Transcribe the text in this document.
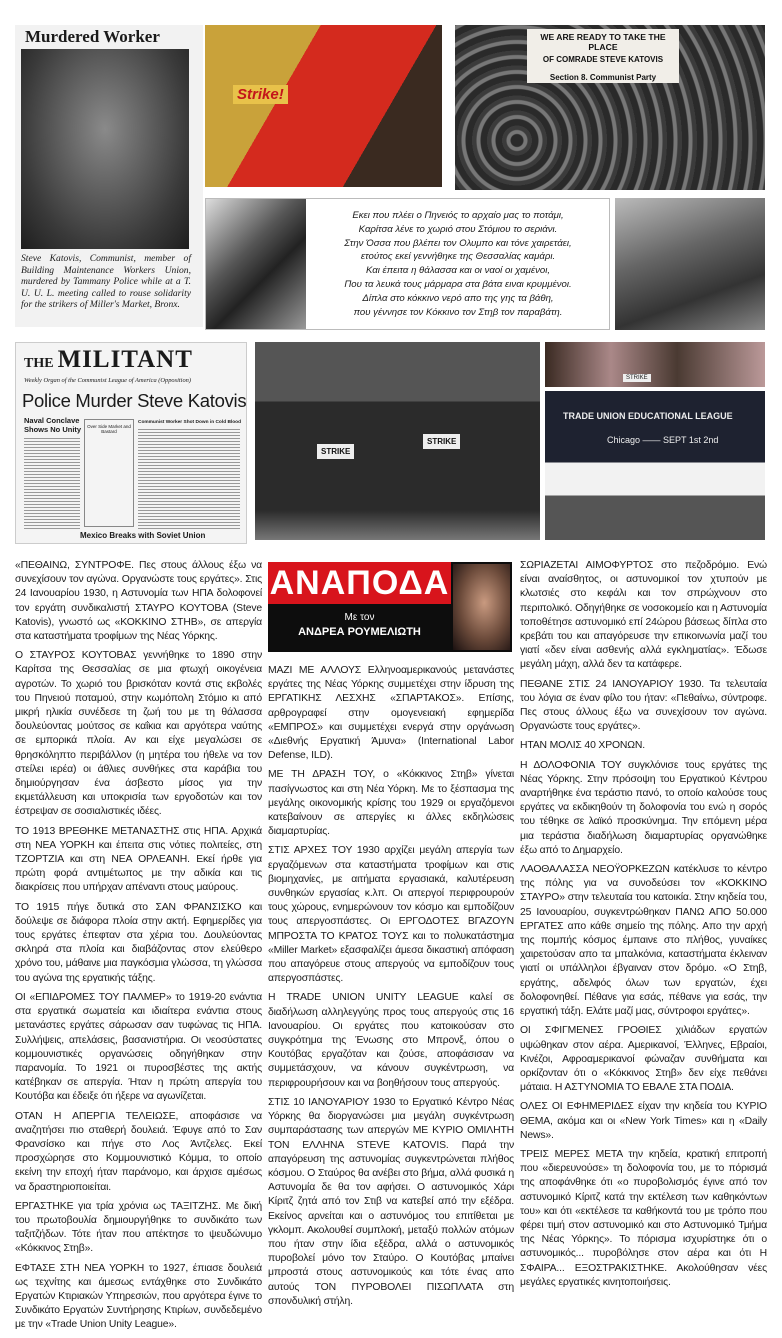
Murdered Worker
Steve Katovis, Communist, member of Building Maintenance Workers Union, murdered by Tammany Police while at a T. U. U. L. meeting called to rouse solidarity for the strikers of Miller's Market, Bronx.
Strike!
WE ARE READY TO TAKE THE PLACE
OF COMRADE STEVE KATOVIS
Section 8. Communist Party
Εκει που πλέει ο Πηνειός το αρχαίο μας το ποτάμι,
Καρίτσα λένε το χωριό στου Στόμιου το σεριάνι.
Στην Όσσα που βλέπει τον Ολυμπο και τόνε χαιρετάει,
ετούτος εκεί γεννήθηκε της Θεσσαλίας καμάρι.
Και έπειτα η θάλασσα και οι ναοί οι χαμένοι,
Που τα λευκά τους μάρμαρα στα βάτα ειναι κρυμμένοι.
Δίπλα στο κόκκινο νερό απο της γης τα βάθη,
που γέννησε τον Κόκκινο τον Στηβ τον παραβάτη.
THE MILITANT
Weekly Organ of the Communist League of America (Opposition)
Police Murder Steve Katovis
Naval Conclave Shows No Unity	Over Side Market and Bastard
Communist Worker Shot Down in Cold Blood
Mexico Breaks with Soviet Union
STRIKE
STRIKE
STRIKE
TRADE UNION EDUCATIONAL LEAGUE
Chicago —— SEPT 1st 2nd

«ΠΕΘΑΙΝΩ, ΣΥΝΤΡΟΦΕ. Πες στους άλλους έξω να συνεχίσουν τον αγώνα. Οργανώστε τους εργάτες». Στις 24 Ιανουαρίου 1930, η Αστυνομία των ΗΠΑ δολοφονεί τον εργάτη συνδικαλιστή ΣΤΑΥΡΟ ΚΟΥΤΟΒΑ (Steve Katovis), γνωστό ως «ΚΟΚΚΙΝΟ ΣΤΗΒ», σε απεργία στα καταστήματα τροφίμων της Νέας Υόρκης.

Ο ΣΤΑΥΡΟΣ ΚΟΥΤΟΒΑΣ γεννήθηκε το 1890 στην Καρίτσα της Θεσσαλίας σε μια φτωχή οικογένεια αγροτών. Το χωριό του βρισκόταν κοντά στις εκβολές του Πηνειού ποταμού, στην κωμόπολη Στόμιο κι από μικρή ηλικία συνέδεσε τη ζωή του με τη θάλασσα δουλεύοντας μούτσος σε καΐκια και αργότερα ναύτης σε εμπορικά πλοία. Αν και είχε μεγαλώσει σε θρησκόληπτο περιβάλλον (η μητέρα του ήθελε να τον στείλει ιερέα) οι άθλιες συνθήκες στα καράβια του δημιούργησαν ένα άσβεστο μίσος για την εκμετάλλευση και υποκρισία των εργοδοτών και τον έστρεψαν σε σοσιαλιστικές ιδέες.

ΤΟ 1913 ΒΡΕΘΗΚΕ ΜΕΤΑΝΑΣΤΗΣ στις ΗΠΑ. Αρχικά στη ΝΕΑ ΥΟΡΚΗ και έπειτα στις νότιες πολιτείες, στη ΤΖΟΡΤΖΙΑ και στη ΝΕΑ ΟΡΛΕΑΝΗ. Εκεί ήρθε για πρώτη φορά αντιμέτωπος με την αδικία και τις διακρίσεις που υπήρχαν απέναντι στους μαύρους.

ΤΟ 1915 πήγε δυτικά στο ΣΑΝ ΦΡΑΝΣΙΣΚΟ και δούλεψε σε διάφορα πλοία στην ακτή. Εφημερίδες για τους εργάτες έπεφταν στα χέρια του. Δουλεύοντας σκληρά στα πλοία και διαβάζοντας στον ελεύθερο χρόνο του, μάθαινε μια παγκόσμια γλώσσα, τη γλώσσα του αγώνα της εργατικής τάξης.

ΟΙ «ΕΠΙΔΡΟΜΕΣ ΤΟΥ ΠΑΛΜΕΡ» το 1919-20 ενάντια στα εργατικά σωματεία και ιδιαίτερα ενάντια στους μετανάστες εργάτες σάρωσαν σαν τυφώνας τις ΗΠΑ. Συλλήψεις, απελάσεις, βασανιστήρια. Οι νεοσύστατες κομμουνιστικές οργανώσεις οδηγήθηκαν στην παρανομία. Το 1921 οι πυροσβέστες της ακτής κατέβηκαν σε απεργία. Ήταν η πρώτη απεργία του Κουτόβα και έδειξε ότι ήξερε να αγωνίζεται.

ΟΤΑΝ Η ΑΠΕΡΓΙΑ ΤΕΛΕΙΩΣΕ, αποφάσισε να αναζητήσει πιο σταθερή δουλειά. Έφυγε από το Σαν Φρανσίσκο και πήγε στο Λος Άντζελες. Εκεί προσχώρησε στο Κομμουνιστικό Κόμμα, το οποίο εκείνη την εποχή ήταν παράνομο, και άρχισε αμέσως να δραστηριοποιείται.

ΕΡΓΑΣΤΗΚΕ για τρία χρόνια ως ΤΑΞΙΤΖΗΣ. Με δική του πρωτοβουλία δημιουργήθηκε το συνδικάτο των ταξιτζήδων. Τότε ήταν που απέκτησε το ψευδώνυμο «Κόκκινος Στηβ».

ΕΦΤΑΣΕ ΣΤΗ ΝΕΑ ΥΟΡΚΗ το 1927, έπιασε δουλειά ως τεχνίτης και άμεσως εντάχθηκε στο Συνδικάτο Εργατών Κτιριακών Υπηρεσιών, που αργότερα έγινε το Συνδικάτο Εργατών Συντήρησης Κτιρίων, συνδεδεμένο με την «Trade Union Unity League».

ΑΝΑΠΟΔΑ
Με τον
ΑΝΔΡΕΑ ΡΟΥΜΕΛΙΩΤΗ

ΜΑΖΙ ΜΕ ΑΛΛΟΥΣ Ελληνοαμερικανούς μετανάστες εργάτες της Νέας Υόρκης συμμετέχει στην ίδρυση της ΕΡΓΑΤΙΚΗΣ ΛΕΣΧΗΣ «ΣΠΑΡΤΑΚΟΣ». Επίσης, αρθρογραφεί στην ομογενειακή εφημερίδα «ΕΜΠΡΟΣ» και συμμετέχει ενεργά στην οργάνωση «Διεθνής Εργατική Άμυνα» (International Labor Defense, ILD).

ΜΕ ΤΗ ΔΡΑΣΗ ΤΟΥ, ο «Κόκκινος Στηβ» γίνεται πασίγνωστος και στη Νέα Υόρκη. Με το ξέσπασμα της μεγάλης οικονομικής κρίσης του 1929 οι εργαζόμενοι κατεβαίνουν σε απεργίες κι άλλες εκδηλώσεις διαμαρτυρίας.

ΣΤΙΣ ΑΡΧΕΣ ΤΟΥ 1930 αρχίζει μεγάλη απεργία των εργαζόμενων στα καταστήματα τροφίμων και στις βιομηχανίες, με αιτήματα εργασιακά, καλυτέρευση συνθηκών εργασίας κ.λπ. Οι απεργοί περιφρουρούν τους χώρους, ενημερώνουν τον κόσμο και εμποδίζουν τους απεργοσπάστες. Οι ΕΡΓΟΔΟΤΕΣ ΒΓΑΖΟΥΝ ΜΠΡΟΣΤΑ ΤΟ ΚΡΑΤΟΣ ΤΟΥΣ και το πολυκατάστημα «Miller Market» εξασφαλίζει άμεσα δικαστική απόφαση που απαγόρευε στους απεργούς να εμποδίζουν τους απεργοσπάστες.

Η TRADE UNION UNITY LEAGUE καλεί σε διαδήλωση αλληλεγγύης προς τους απεργούς στις 16 Ιανουαρίου. Οι εργάτες που κατοικούσαν στο συγκρότημα της Ένωσης στο Μπρονξ, όπου ο Κουτόβας εργαζόταν και ζούσε, αποφάσισαν να συμμετάσχουν, να κάνουν συγκέντρωση, να περιφρουρήσουν και να βοηθήσουν τους απεργούς.

ΣΤΙΣ 10 ΙΑΝΟΥΑΡΙΟΥ 1930 το Εργατικό Κέντρο Νέας Υόρκης θα διοργανώσει μια μεγάλη συγκέντρωση συμπαράστασης των απεργών ΜΕ ΚΥΡΙΟ ΟΜΙΛΗΤΗ ΤΟΝ ΕΛΛΗΝΑ STEVE KATOVIS. Παρά την απαγόρευση της αστυνομίας συγκεντρώνεται πλήθος κόσμου. Ο Σταύρος θα ανέβει στο βήμα, αλλά φυσικά η Αστυνομία δε θα τον αφήσει. Ο αστυνομικός Χάρι Κίριτζ ζητά από τον Στιβ να κατεβεί από την εξέδρα. Εκείνος αρνείται και ο αστυνόμος του επιτίθεται με γκλομπ. Ακολουθεί συμπλοκή, μεταξύ πολλών ατόμων που ήταν στην ίδια εξέδρα, αλλά ο αστυνομικός πυροβολεί μόνο τον Σταύρο. Ο Κουτόβας μπαίνει μπροστά στους αστυνομικούς και τότε ένας απο αυτούς ΤΟΝ ΠΥΡΟΒΟΛΕΙ ΠΙΣΩΠΛΑΤΑ στη σπονδυλική στήλη.

ΣΩΡΙΑΖΕΤΑΙ ΑΙΜΟΦΥΡΤΟΣ στο πεζοδρόμιο. Ενώ είναι αναίσθητος, οι αστυνομικοί τον χτυπούν με κλωτσιές στο κεφάλι και τον σπρώχνουν στο περιπολικό. Οδηγήθηκε σε νοσοκομείο και η Αστυνομία τοποθέτησε αστυνομικό επί 24ώρου βάσεως δίπλα στο κρεβάτι του και απαγόρευσε την επικοινωνία μαζί του γιατί «δεν είναι ασθενής αλλά εγκληματίας». Έδωσε μεγάλη μάχη, αλλά δεν τα κατάφερε.

ΠΕΘΑΝΕ ΣΤΙΣ 24 ΙΑΝΟΥΑΡΙΟΥ 1930. Τα τελευταία του λόγια σε έναν φίλο του ήταν: «Πεθαίνω, σύντροφε. Πες στους άλλους έξω να συνεχίσουν τον αγώνα. Οργανώστε τους εργάτες».

ΗΤΑΝ ΜΟΛΙΣ 40 ΧΡΟΝΩΝ.

Η ΔΟΛΟΦΟΝΙΑ ΤΟΥ συγκλόνισε τους εργάτες της Νέας Υόρκης. Στην πρόσοψη του Εργατικού Κέντρου αναρτήθηκε ένα τεράστιο πανό, το οποίο καλούσε τους εργάτες να εκδικηθούν τη δολοφονία του ενώ η σορός του τέθηκε σε λαϊκό προσκύνημα. Την επόμενη μέρα μια τεράστια διαδήλωση διαμαρτυρίας οργανώθηκε έξω από το Δημαρχείο.

ΛΑΟΘΑΛΑΣΣΑ ΝΕΟΫΟΡΚΕΖΩΝ κατέκλυσε το κέντρο της πόλης για να συνοδεύσει τον «ΚΟΚΚΙΝΟ ΣΤΑΥΡΟ» στην τελευταία του κατοικία. Στην κηδεία του, 25 Ιανουαρίου, συγκεντρώθηκαν ΠΑΝΩ ΑΠΟ 50.000 ΕΡΓΑΤΕΣ απο κάθε σημείο της πόλης. Απο την αρχή της πομπής κόσμος έμπαινε στο πλήθος, γυναίκες χαιρετούσαν απο τα μπαλκόνια, καταστήματα έκλειναν γιατί οι υπάλληλοι έβγαιναν στον δρόμο. «Ο Στηβ, εργάτης, αδελφός όλων των εργατών, έχει δολοφονηθεί. Πέθανε για εσάς, πέθανε για εσάς, την εργατική τάξη. Ελάτε μαζί μας, σύντροφοι εργάτες».

ΟΙ ΣΦΙΓΜΕΝΕΣ ΓΡΟΘΙΕΣ χιλιάδων εργατών υψώθηκαν στον αέρα. Αμερικανοί, Έλληνες, Εβραίοι, Κινέζοι, Αφροαμερικανοί φώναζαν συνθήματα και ορκίζονταν ότι ο «Κόκκινος Στηβ» δεν είχε πεθάνει μάταια. Η ΑΣΤΥΝΟΜΙΑ ΤΟ ΕΒΑΛΕ ΣΤΑ ΠΟΔΙΑ.

ΟΛΕΣ ΟΙ ΕΦΗΜΕΡΙΔΕΣ είχαν την κηδεία του ΚΥΡΙΟ ΘΕΜΑ, ακόμα και οι «New York Times» και η «Daily News».

ΤΡΕΙΣ ΜΕΡΕΣ ΜΕΤΑ την κηδεία, κρατική επιτροπή που «διερευνούσε» τη δολοφονία του, με το πόρισμά της αποφάνθηκε ότι «ο πυροβολισμός έγινε από τον αστυνομικό Κίριτζ κατά την εκτέλεση των καθηκόντων του» και ότι «εκτέλεσε τα καθήκοντά του με τρόπο που φέρει τιμή στον αστυνομικό και στο Αστυνομικό Τμήμα της Νέας Υόρκης». Το πόρισμα ισχυρίστηκε ότι ο αστυνομικός... πυροβόλησε στον αέρα και ότι Η ΣΦΑΙΡΑ... ΕΞΟΣΤΡΑΚΙΣΤΗΚΕ. Ακολούθησαν νέες μεγάλες εργατικές κινητοποιήσεις.
